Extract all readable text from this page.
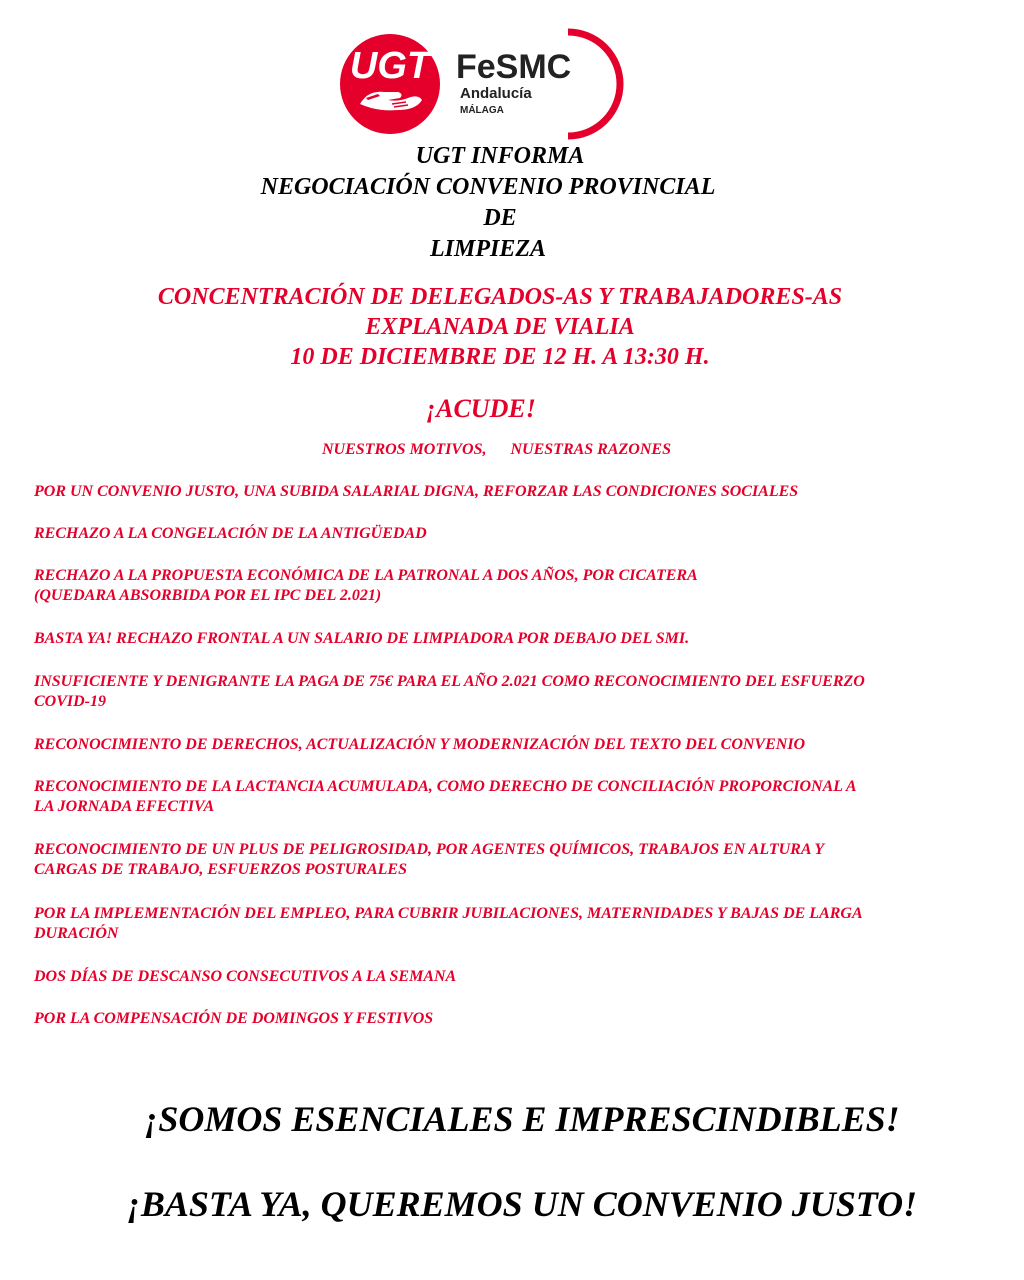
UGT FeSMC
Andalucía
MÁLAGA

UGT INFORMA

NEGOCIACIÓN CONVENIO PROVINCIAL

DE

LIMPIEZA

CONCENTRACIÓN DE DELEGADOS-AS Y TRABAJADORES-AS

EXPLANADA DE VIALIA

10 DE DICIEMBRE DE 12 H. A 13:30 H.

¡ACUDE!

NUESTROS MOTIVOS, NUESTRAS RAZONES

POR UN CONVENIO JUSTO, UNA SUBIDA SALARIAL DIGNA, REFORZAR LAS CONDICIONES SOCIALES
RECHAZO A LA CONGELACIÓN DE LA ANTIGÜEDAD
RECHAZO A LA PROPUESTA ECONÓMICA DE LA PATRONAL A DOS AÑOS, POR CICATERA
(QUEDARA ABSORBIDA POR EL IPC DEL 2.021)
BASTA YA! RECHAZO FRONTAL A UN SALARIO DE LIMPIADORA POR DEBAJO DEL SMI.
INSUFICIENTE Y DENIGRANTE LA PAGA DE 75€ PARA EL AÑO 2.021 COMO RECONOCIMIENTO DEL ESFUERZO
COVID-19
RECONOCIMIENTO DE DERECHOS, ACTUALIZACIÓN Y MODERNIZACIÓN DEL TEXTO DEL CONVENIO
RECONOCIMIENTO DE LA LACTANCIA ACUMULADA, COMO DERECHO DE CONCILIACIÓN PROPORCIONAL A
LA JORNADA EFECTIVA
RECONOCIMIENTO DE UN PLUS DE PELIGROSIDAD, POR AGENTES QUÍMICOS, TRABAJOS EN ALTURA Y
CARGAS DE TRABAJO, ESFUERZOS POSTURALES
POR LA IMPLEMENTACIÓN DEL EMPLEO, PARA CUBRIR JUBILACIONES, MATERNIDADES Y BAJAS DE LARGA
DURACIÓN
DOS DÍAS DE DESCANSO CONSECUTIVOS A LA SEMANA
POR LA COMPENSACIÓN DE DOMINGOS Y FESTIVOS

¡SOMOS ESENCIALES E IMPRESCINDIBLES!

¡BASTA YA, QUEREMOS UN CONVENIO JUSTO!
